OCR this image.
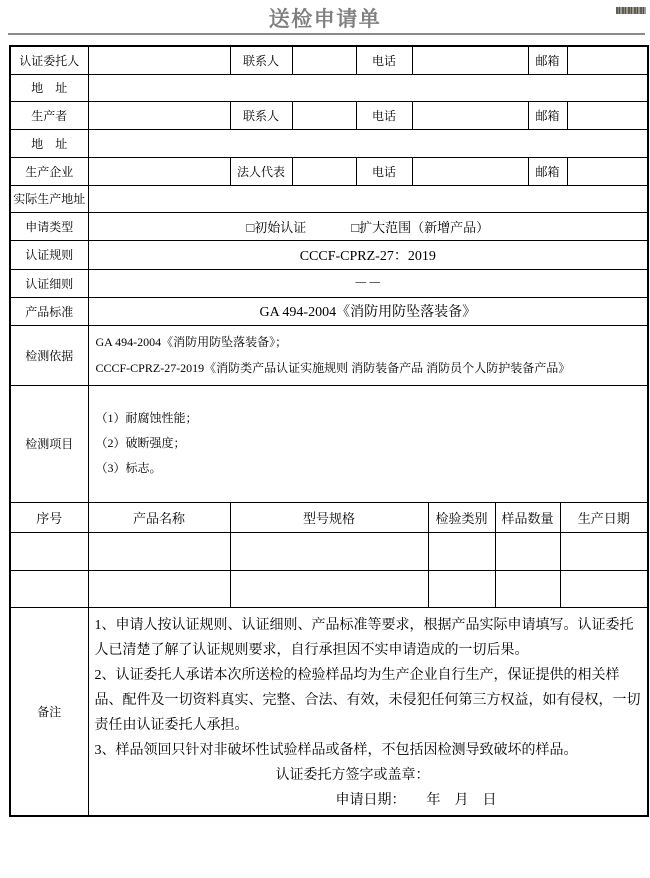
送检申请单
认证委托人		联系人		电话				邮箱		
地　址										
生产者		联系人		电话				邮箱		
地　址										
生产企业		法人代表		电话				邮箱		
实际生产地址										
申请类型	□初始认证 □扩大范围（新增产品）									
认证规则	CCCF-CPRZ-27：2019									
认证细则	－－									
产品标准	GA 494-2004《消防用防坠落装备》									
检测依据	GA 494-2004《消防用防坠落装备》；
CCCF-CPRZ-27-2019《消防类产品认证实施规则 消防装备产品 消防员个人防护装备产品》									

检测项目	（1）耐腐蚀性能；
（2）破断强度；
（3）标志。									

序号	产品名称	型号规格				检验类别	样品数量		生产日期	

备注	1、申请人按认证规则、认证细则、产品标准等要求，根据产品实际申请填写。认证委托人已清楚了解了认证规则要求，自行承担因不实申请造成的一切后果。
2、认证委托人承诺本次所送检的检验样品均为生产企业自行生产，保证提供的相关样品、配件及一切资料真实、完整、合法、有效，未侵犯任何第三方权益，如有侵权，一切责任由认证委托人承担。
3、样品领回只针对非破坏性试验样品或备样，不包括因检测导致破坏的样品。
认证委托方签字或盖章：
申请日期：　　年　月　日									
